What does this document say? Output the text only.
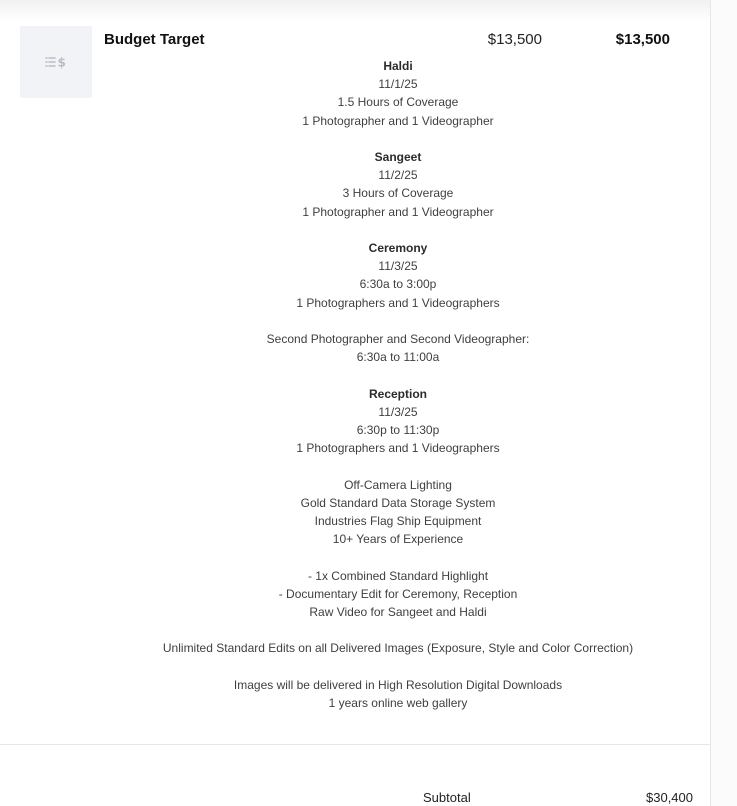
$
Budget Target	$13,500	$13,500
Haldi
11/1/25
1.5 Hours of Coverage
1 Photographer and 1 Videographer
Sangeet
11/2/25
3 Hours of Coverage
1 Photographer and 1 Videographer
Ceremony
11/3/25
6:30a to 3:00p
1 Photographers and 1 Videographers
Second Photographer and Second Videographer:
6:30a to 11:00a
Reception
11/3/25
6:30p to 11:30p
1 Photographers and 1 Videographers
Off-Camera Lighting
Gold Standard Data Storage System
Industries Flag Ship Equipment
10+ Years of Experience
- 1x Combined Standard Highlight
- Documentary Edit for Ceremony, Reception
Raw Video for Sangeet and Haldi
Unlimited Standard Edits on all Delivered Images (Exposure, Style and Color Correction)
Images will be delivered in High Resolution Digital Downloads
1 years online web gallery
Subtotal	$30,400
